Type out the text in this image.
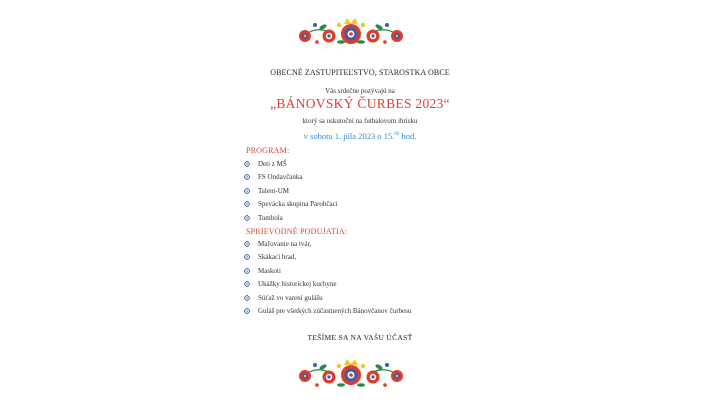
OBECNÉ ZASTUPITEĽSTVO, STAROSTKA OBCE
Vás srdečne pozývajú na
„BÁNOVSKÝ ČURBES 2023“
ktorý sa uskutoční na futbalovom ihrisku
v sobotu 1. júla 2023 o 15.00 hod.
PROGRAM:
Deti z MŠ
FS Ondavčanka
Talent-UM
Spevácka skupina Parobčaci
Tombola
SPRIEVODNÉ PODUJATIA:
Maľovanie na tvár,
Skákací hrad,
Maskoti
Ukážky historickej kuchyne
Súťaž vo varení gulášu
Guláš pre všetkých zúčastnených Bánovčanov čurbesu
TEŠÍME SA NA VAŠU ÚČASŤ
